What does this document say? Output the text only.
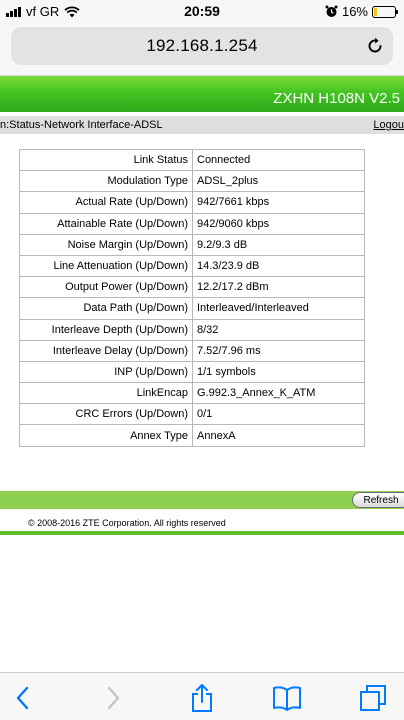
vf GR	20:59	16%
192.168.1.254
ZXHN H108N V2.5
n:Status-Network Interface-ADSL	Logou
Link Status	Connected
Modulation Type	ADSL_2plus
Actual Rate (Up/Down)	942/7661 kbps
Attainable Rate (Up/Down)	942/9060 kbps
Noise Margin (Up/Down)	9.2/9.3 dB
Line Attenuation (Up/Down)	14.3/23.9 dB
Output Power (Up/Down)	12.2/17.2 dBm
Data Path (Up/Down)	Interleaved/Interleaved
Interleave Depth (Up/Down)	8/32
Interleave Delay (Up/Down)	7.52/7.96 ms
INP (Up/Down)	1/1 symbols
LinkEncap	G.992.3_Annex_K_ATM
CRC Errors (Up/Down)	0/1
Annex Type	AnnexA
Refresh
© 2008-2016 ZTE Corporation. All rights reserved
